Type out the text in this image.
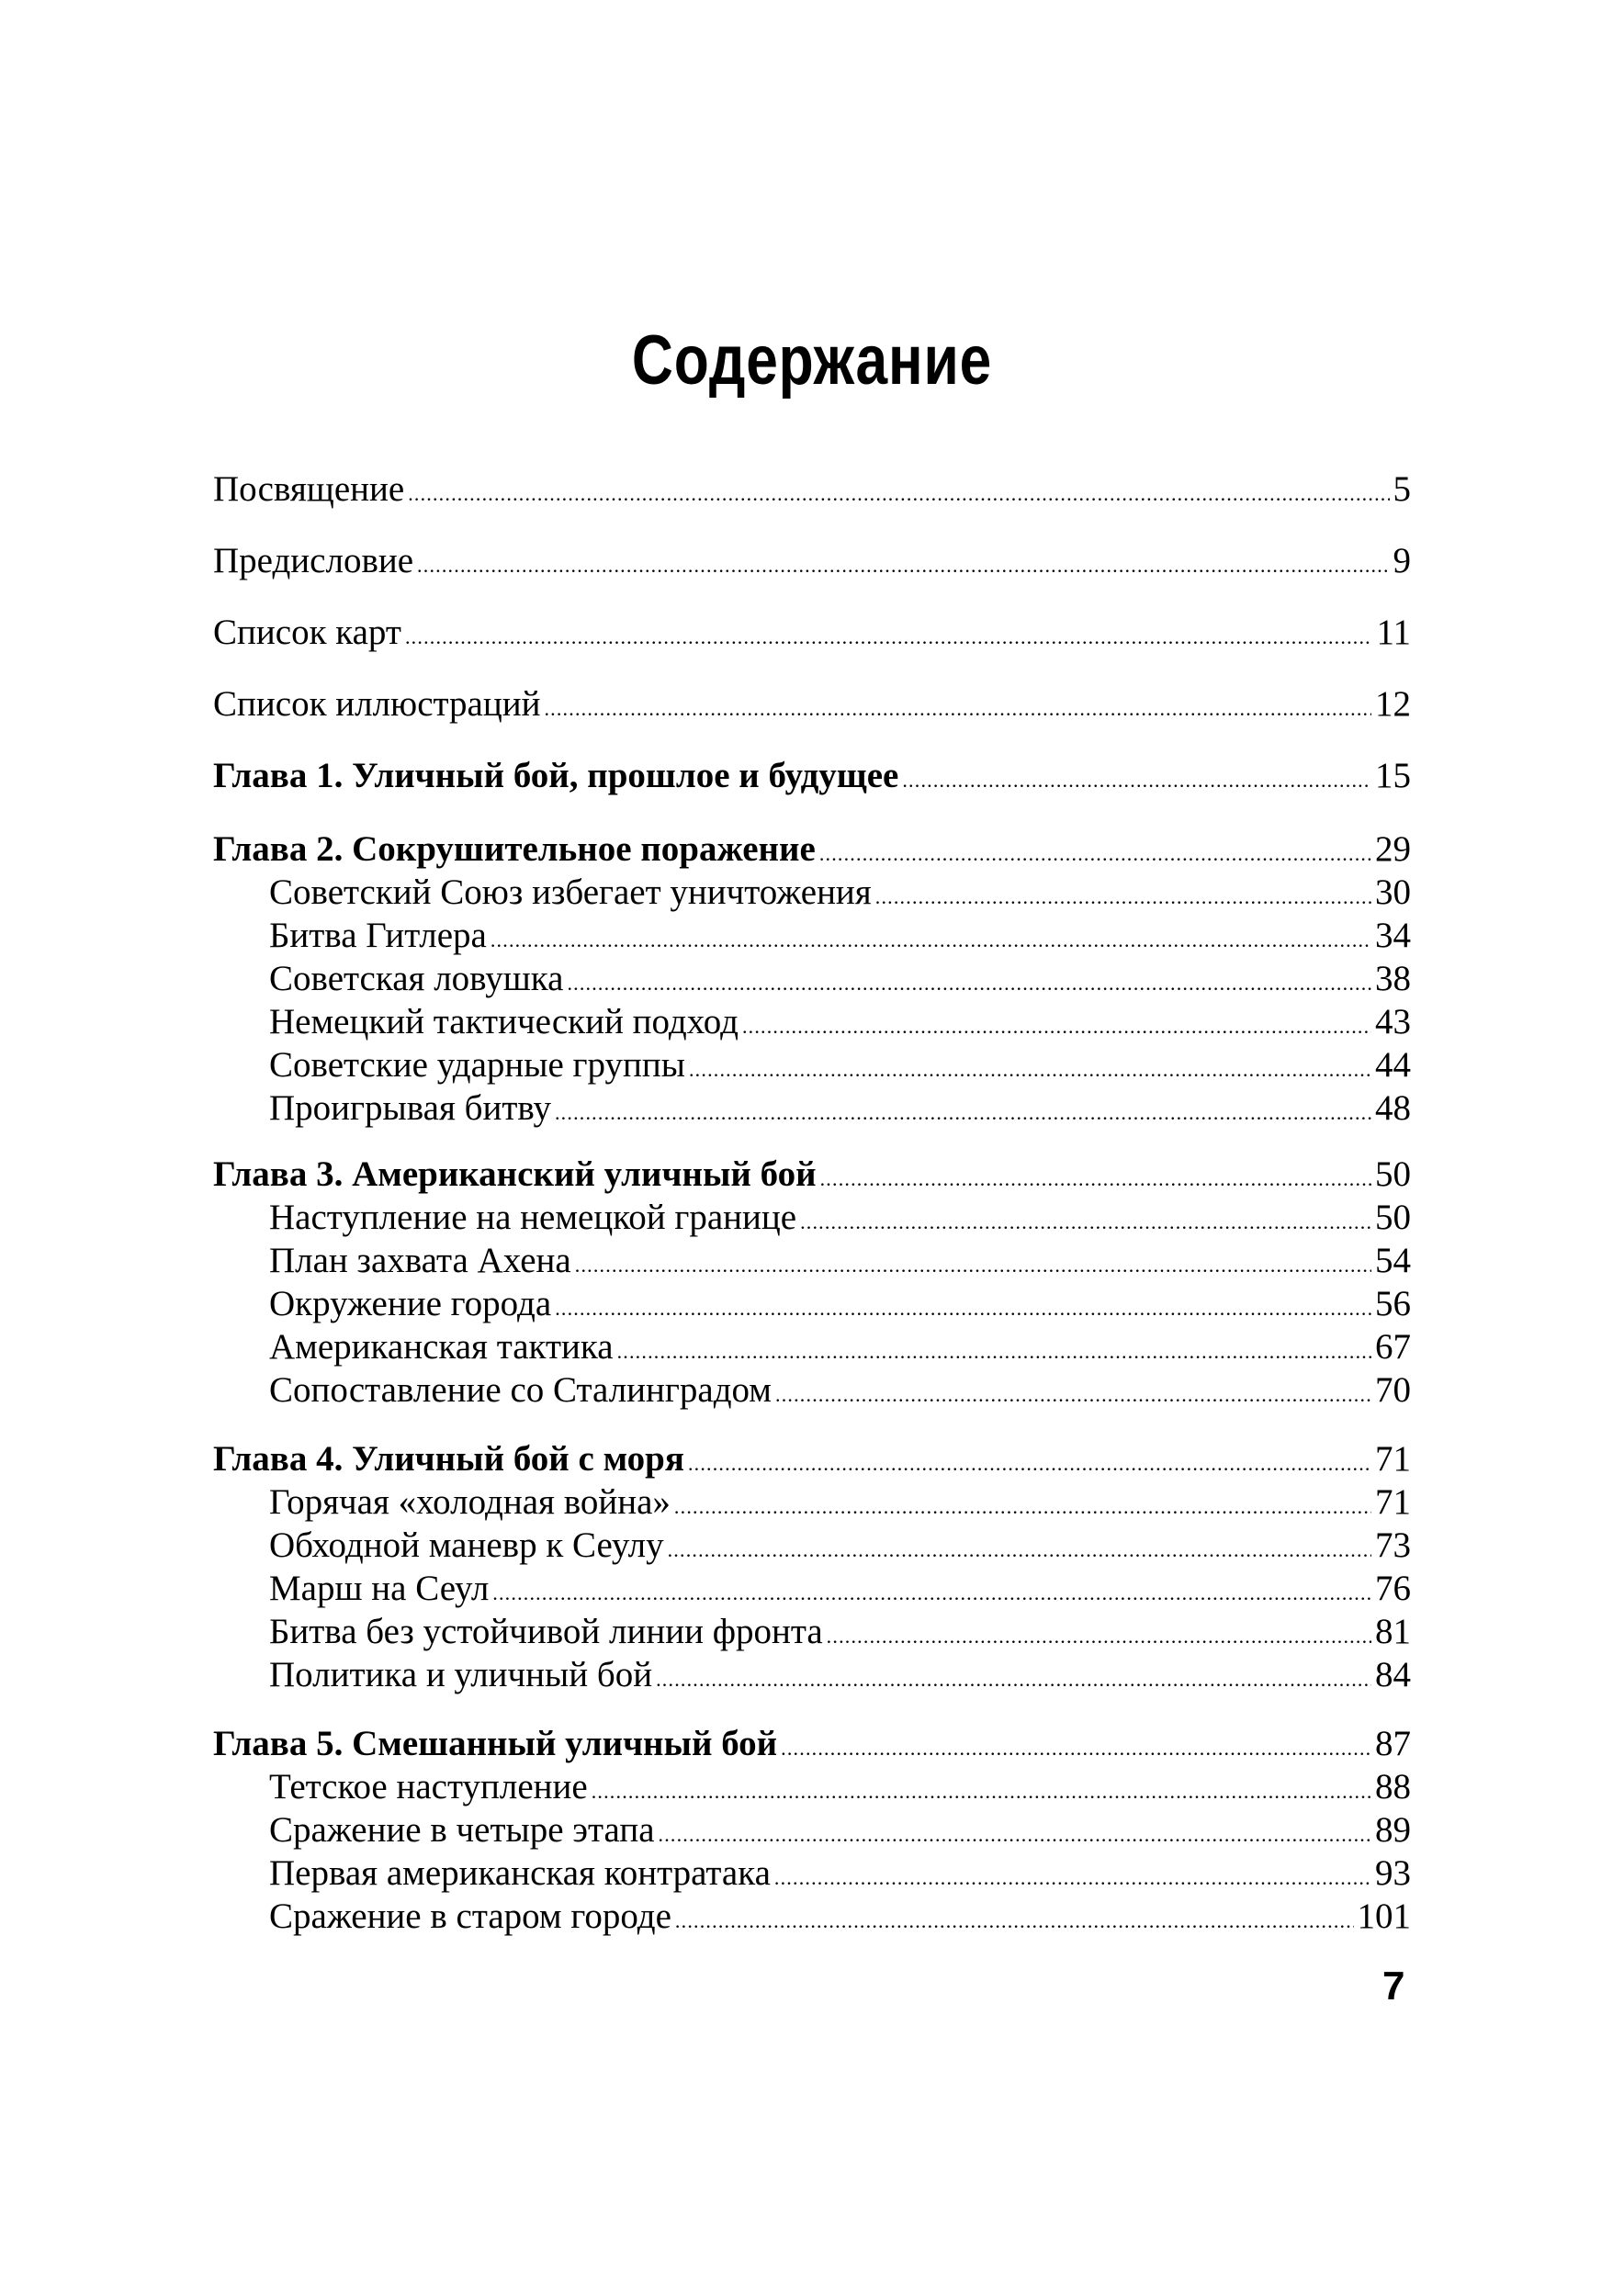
Содержание
Посвящение .....	5
Предисловие .....	9
Список карт .....	11
Список иллюстраций .....	12
Глава 1. Уличный бой, прошлое и будущее .....	15
Глава 2. Сокрушительное поражение .....	29
Советский Союз избегает уничтожения .....	30
Битва Гитлера .....	34
Советская ловушка .....	38
Немецкий тактический подход .....	43
Советские ударные группы .....	44
Проигрывая битву .....	48
Глава 3. Американский уличный бой .....	50
Наступление на немецкой границе .....	50
План захвата Ахена .....	54
Окружение города .....	56
Американская тактика .....	67
Сопоставление со Сталинградом .....	70
Глава 4. Уличный бой с моря .....	71
Горячая «холодная война» .....	71
Обходной маневр к Сеулу .....	73
Марш на Сеул .....	76
Битва без устойчивой линии фронта .....	81
Политика и уличный бой .....	84
Глава 5. Смешанный уличный бой .....	87
Тетское наступление .....	88
Сражение в четыре этапа .....	89
Первая американская контратака .....	93
Сражение в старом городе .....	101
7
